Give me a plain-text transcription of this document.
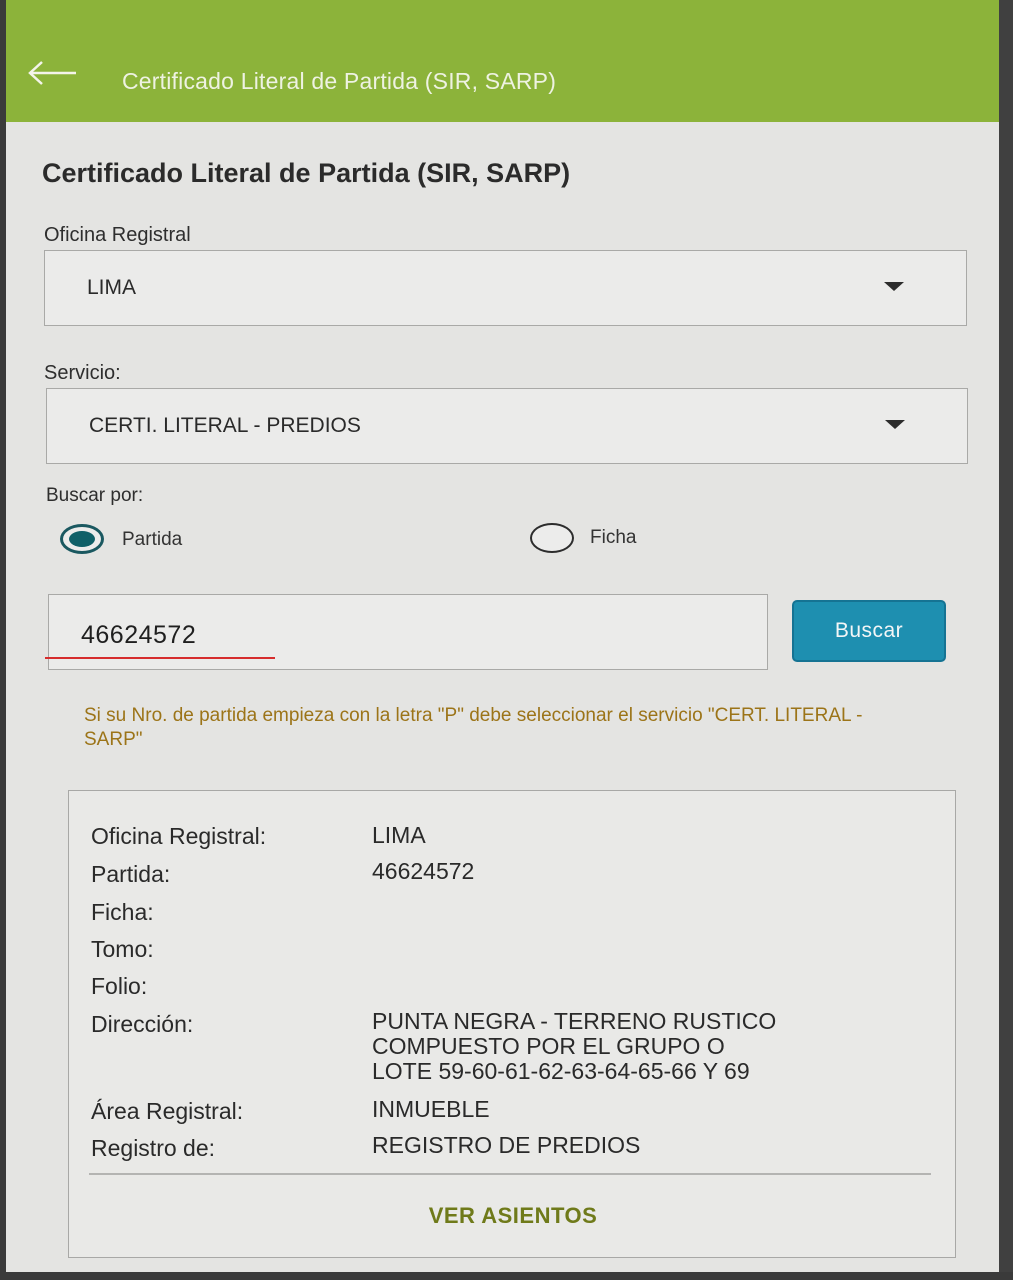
Certificado Literal de Partida (SIR, SARP)
Certificado Literal de Partida (SIR, SARP)
Oficina Registral
LIMA
Servicio:
CERTI. LITERAL - PREDIOS
Buscar por:
Partida	Ficha
46624572	Buscar
Si su Nro. de partida empieza con la letra "P" debe seleccionar el servicio "CERT. LITERAL - SARP"
Oficina Registral:	LIMA
Partida:	46624572
Ficha:
Tomo:
Folio:
Dirección:	PUNTA NEGRA - TERRENO RUSTICO
COMPUESTO POR EL GRUPO O
LOTE 59-60-61-62-63-64-65-66 Y 69
Área Registral:	INMUEBLE
Registro de:	REGISTRO DE PREDIOS
VER ASIENTOS
